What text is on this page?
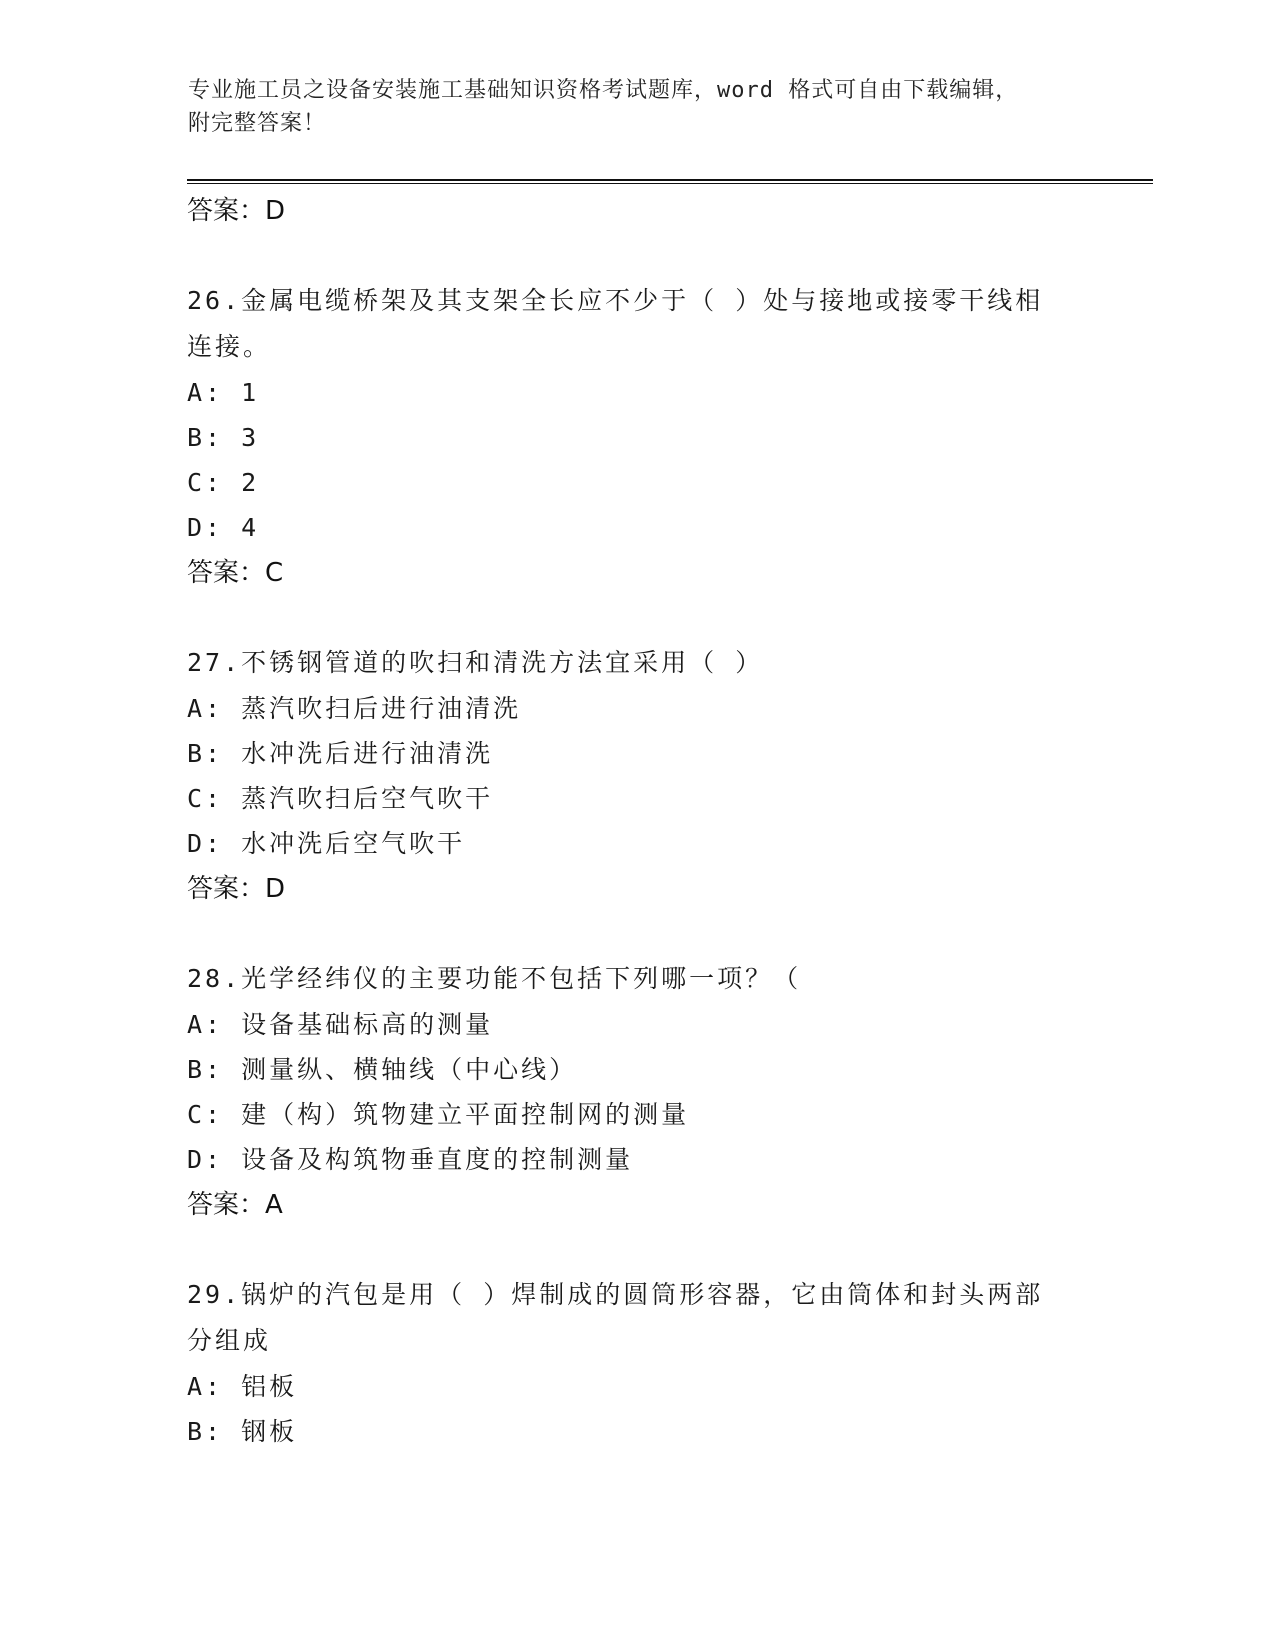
专业施工员之设备安装施工基础知识资格考试题库，word 格式可自由下载编辑，
附完整答案！
答案：D
26.金属电缆桥架及其支架全长应不少于（ ）处与接地或接零干线相
连接。
A: 1
B: 3
C: 2
D: 4
答案：C
27.不锈钢管道的吹扫和清洗方法宜采用（ ）
A: 蒸汽吹扫后进行油清洗
B: 水冲洗后进行油清洗
C: 蒸汽吹扫后空气吹干
D: 水冲洗后空气吹干
答案：D
28.光学经纬仪的主要功能不包括下列哪一项？（
A: 设备基础标高的测量
B: 测量纵、横轴线（中心线）
C: 建（构）筑物建立平面控制网的测量
D: 设备及构筑物垂直度的控制测量
答案：A
29.锅炉的汽包是用（ ）焊制成的圆筒形容器，它由筒体和封头两部
分组成
A: 铝板
B: 钢板
